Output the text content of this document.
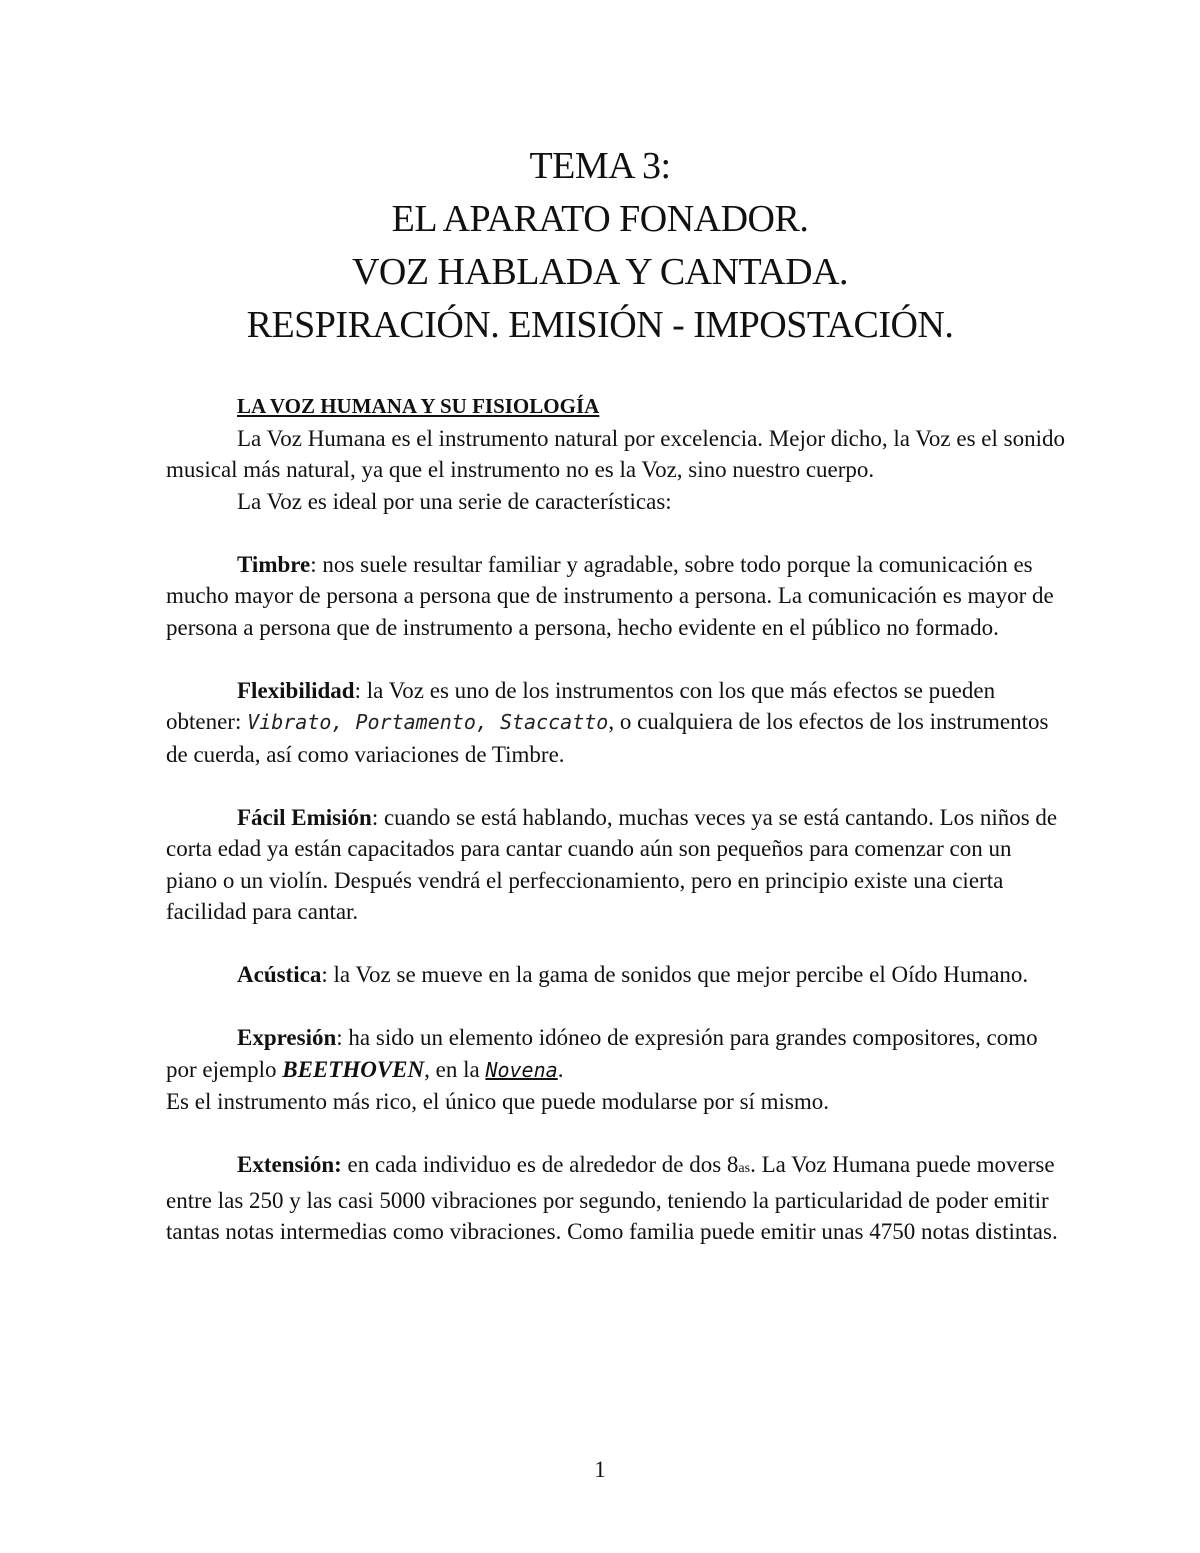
TEMA 3:
EL APARATO FONADOR.
VOZ HABLADA Y CANTADA.
RESPIRACIÓN. EMISIÓN - IMPOSTACIÓN.

LA VOZ HUMANA Y SU FISIOLOGÍA

La Voz Humana es el instrumento natural por excelencia. Mejor dicho, la Voz es el sonido musical más natural, ya que el instrumento no es la Voz, sino nuestro cuerpo.

La Voz es ideal por una serie de características:

Timbre: nos suele resultar familiar y agradable, sobre todo porque la comunicación es mucho mayor de persona a persona que de instrumento a persona. La comunicación es mayor de persona a persona que de instrumento a persona, hecho evidente en el público no formado.

Flexibilidad: la Voz es uno de los instrumentos con los que más efectos se pueden obtener: Vibrato, Portamento, Staccatto, o cualquiera de los efectos de los instrumentos de cuerda, así como variaciones de Timbre.

Fácil Emisión: cuando se está hablando, muchas veces ya se está cantando. Los niños de corta edad ya están capacitados para cantar cuando aún son pequeños para comenzar con un piano o un violín. Después vendrá el perfeccionamiento, pero en principio existe una cierta facilidad para cantar.

Acústica: la Voz se mueve en la gama de sonidos que mejor percibe el Oído Humano.

Expresión: ha sido un elemento idóneo de expresión para grandes compositores, como por ejemplo BEETHOVEN, en la Novena.

Es el instrumento más rico, el único que puede modularse por sí mismo.

Extensión: en cada individuo es de alrededor de dos 8as. La Voz Humana puede moverse entre las 250 y las casi 5000 vibraciones por segundo, teniendo la particularidad de poder emitir tantas notas intermedias como vibraciones. Como familia puede emitir unas 4750 notas distintas.

1
